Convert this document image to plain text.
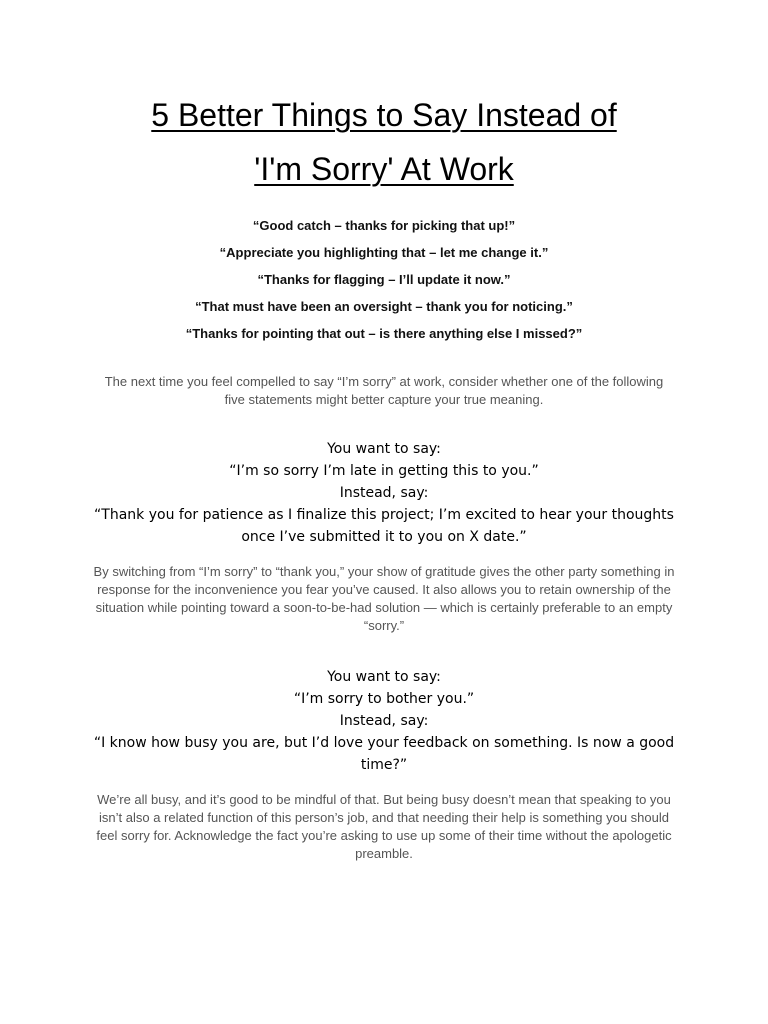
5 Better Things to Say Instead of
'I'm Sorry' At Work

“Good catch – thanks for picking that up!”

“Appreciate you highlighting that – let me change it.”

“Thanks for flagging – I’ll update it now.”

“That must have been an oversight – thank you for noticing.”

“Thanks for pointing that out – is there anything else I missed?”

The next time you feel compelled to say “I’m sorry” at work, consider whether one of the following five statements might better capture your true meaning.

You want to say:
“I’m so sorry I’m late in getting this to you.”
Instead, say:
“Thank you for patience as I finalize this project; I’m excited to hear your thoughts once I’ve submitted it to you on X date.”

By switching from “I’m sorry” to “thank you,” your show of gratitude gives the other party something in response for the inconvenience you fear you’ve caused. It also allows you to retain ownership of the situation while pointing toward a soon-to-be-had solution — which is certainly preferable to an empty “sorry.”

You want to say:
“I’m sorry to bother you.”
Instead, say:
“I know how busy you are, but I’d love your feedback on something. Is now a good time?”

We’re all busy, and it’s good to be mindful of that. But being busy doesn’t mean that speaking to you isn’t also a related function of this person’s job, and that needing their help is something you should feel sorry for. Acknowledge the fact you’re asking to use up some of their time without the apologetic preamble.
